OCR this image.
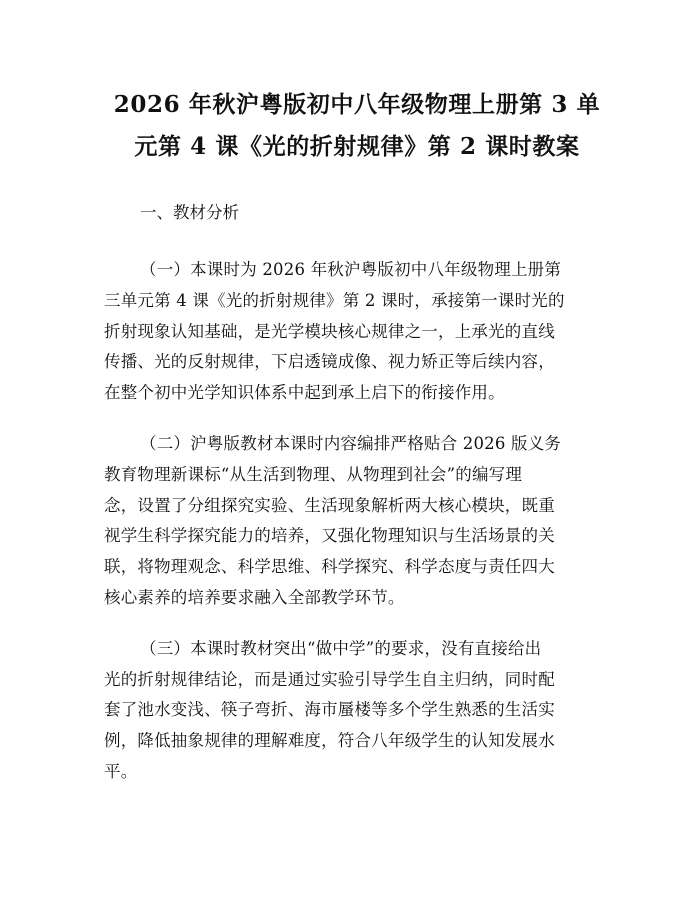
2026 年秋沪粤版初中八年级物理上册第 3 单
元第 4 课《光的折射规律》第 2 课时教案
一、教材分析

（一）本课时为 2026 年秋沪粤版初中八年级物理上册第
三单元第 4 课《光的折射规律》第 2 课时，承接第一课时光的
折射现象认知基础，是光学模块核心规律之一，上承光的直线
传播、光的反射规律，下启透镜成像、视力矫正等后续内容，
在整个初中光学知识体系中起到承上启下的衔接作用。

（二）沪粤版教材本课时内容编排严格贴合 2026 版义务
教育物理新课标“从生活到物理、从物理到社会”的编写理
念，设置了分组探究实验、生活现象解析两大核心模块，既重
视学生科学探究能力的培养，又强化物理知识与生活场景的关
联，将物理观念、科学思维、科学探究、科学态度与责任四大
核心素养的培养要求融入全部教学环节。

（三）本课时教材突出“做中学”的要求，没有直接给出
光的折射规律结论，而是通过实验引导学生自主归纳，同时配
套了池水变浅、筷子弯折、海市蜃楼等多个学生熟悉的生活实
例，降低抽象规律的理解难度，符合八年级学生的认知发展水
平。
